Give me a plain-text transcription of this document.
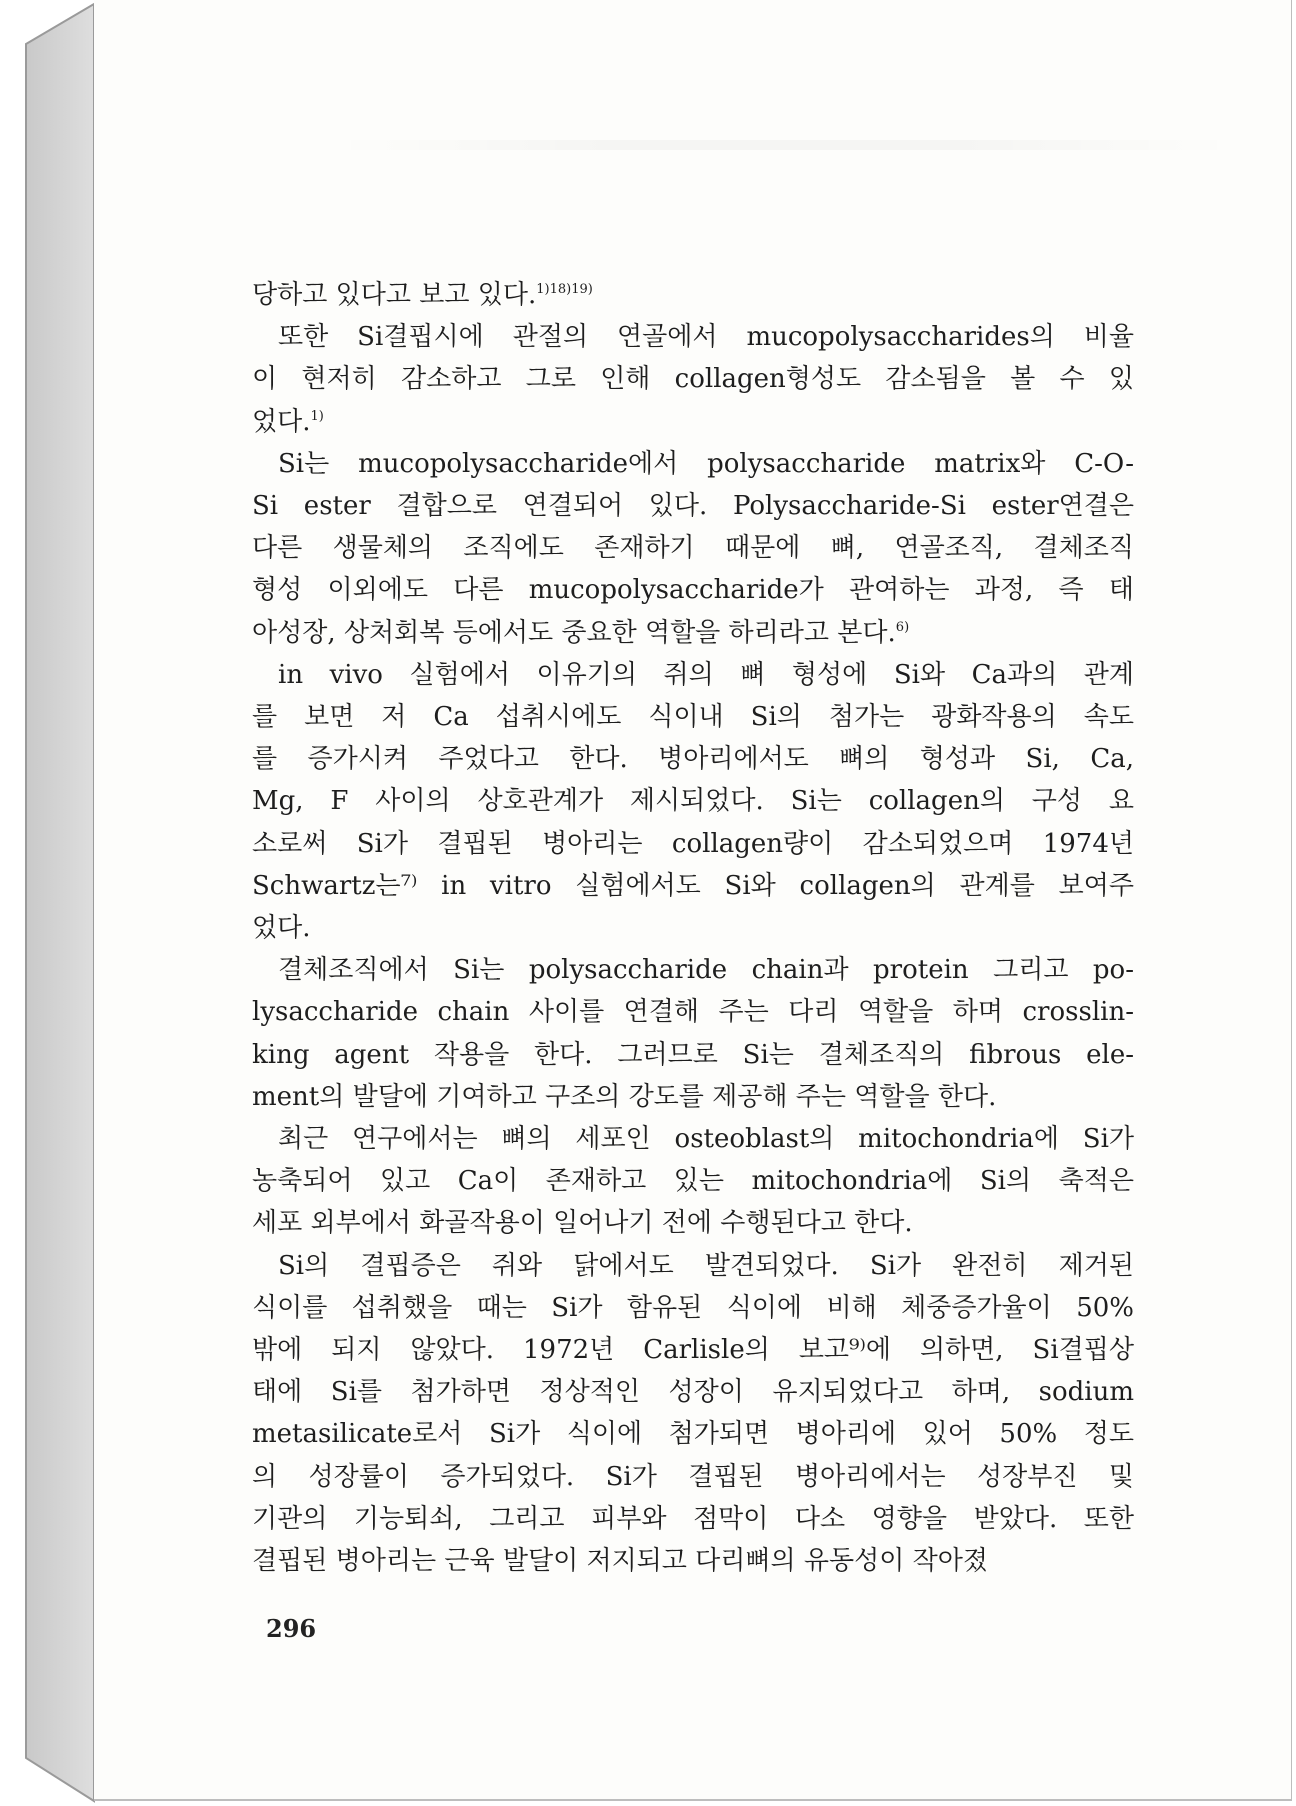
당하고 있다고 보고 있다.$^{1)18)19)}$
또한 Si결핍시에 관절의 연골에서 mucopolysaccharides의 비율
이 현저히 감소하고 그로 인해 collagen형성도 감소됨을 볼 수 있
었다.$^{1)}$
Si는 mucopolysaccharide에서 polysaccharide matrix와 C-O-
Si ester 결합으로 연결되어 있다. Polysaccharide-Si ester연결은
다른 생물체의 조직에도 존재하기 때문에 뼈, 연골조직, 결체조직
형성 이외에도 다른 mucopolysaccharide가 관여하는 과정, 즉 태
아성장, 상처회복 등에서도 중요한 역할을 하리라고 본다.$^{6)}$
in vivo 실험에서 이유기의 쥐의 뼈 형성에 Si와 Ca과의 관계
를 보면 저 Ca 섭취시에도 식이내 Si의 첨가는 광화작용의 속도
를 증가시켜 주었다고 한다. 병아리에서도 뼈의 형성과 Si, Ca,
Mg, F 사이의 상호관계가 제시되었다. Si는 collagen의 구성 요
소로써 Si가 결핍된 병아리는 collagen량이 감소되었으며 1974년
Schwartz는⁷⁾ in vitro 실험에서도 Si와 collagen의 관계를 보여주
었다.
결체조직에서 Si는 polysaccharide chain과 protein 그리고 po-
lysaccharide chain 사이를 연결해 주는 다리 역할을 하며 crosslin-
king agent 작용을 한다. 그러므로 Si는 결체조직의 fibrous ele-
ment의 발달에 기여하고 구조의 강도를 제공해 주는 역할을 한다.
최근 연구에서는 뼈의 세포인 osteoblast의 mitochondria에 Si가
농축되어 있고 Ca이 존재하고 있는 mitochondria에 Si의 축적은
세포 외부에서 화골작용이 일어나기 전에 수행된다고 한다.
Si의 결핍증은 쥐와 닭에서도 발견되었다. Si가 완전히 제거된
식이를 섭취했을 때는 Si가 함유된 식이에 비해 체중증가율이 50%
밖에 되지 않았다. 1972년 Carlisle의 보고⁹⁾에 의하면, Si결핍상
태에 Si를 첨가하면 정상적인 성장이 유지되었다고 하며, sodium
metasilicate로서 Si가 식이에 첨가되면 병아리에 있어 50% 정도
의 성장률이 증가되었다. Si가 결핍된 병아리에서는 성장부진 및
기관의 기능퇴쇠, 그리고 피부와 점막이 다소 영향을 받았다. 또한
결핍된 병아리는 근육 발달이 저지되고 다리뼈의 유동성이 작아졌
296
